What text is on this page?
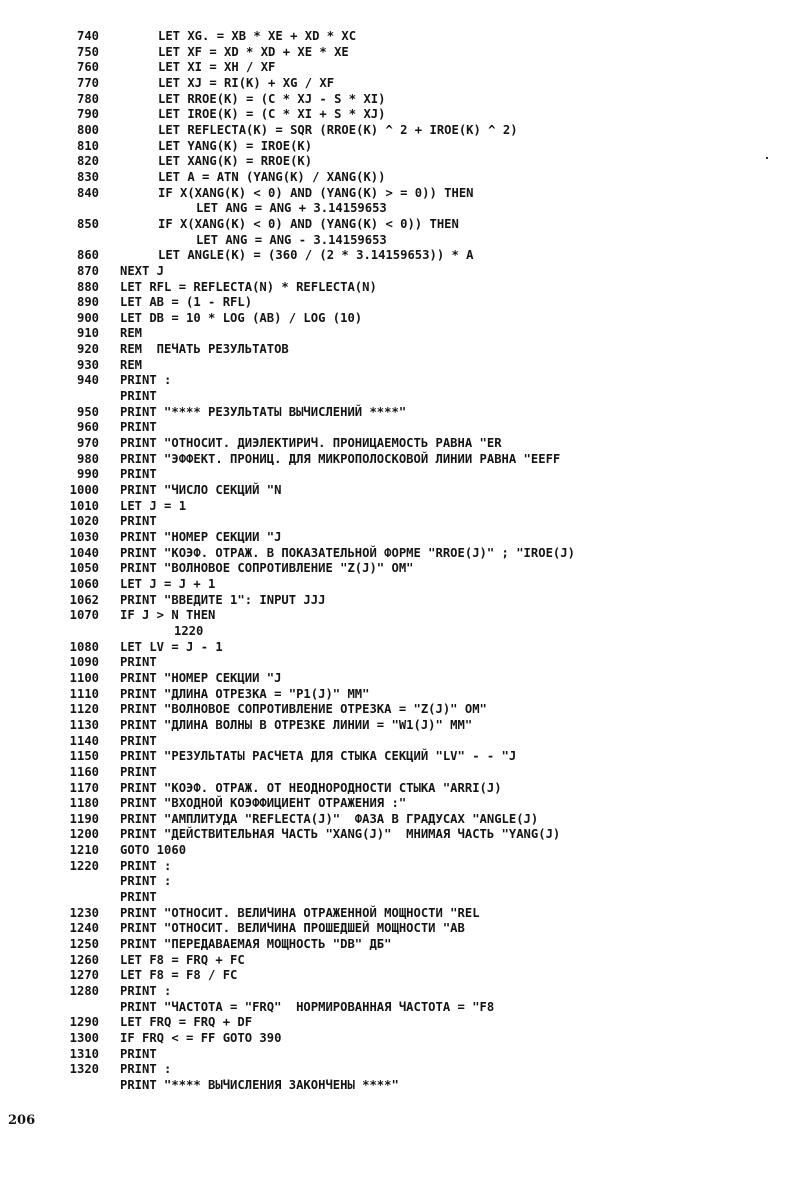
740	LET XG. = XB * XE + XD * XC
750	LET XF = XD * XD + XE * XE
760	LET XI = XH / XF
770	LET XJ = RI(K) + XG / XF
780	LET RROE(K) = (C * XJ - S * XI)
790	LET IROE(K) = (C * XI + S * XJ)
800	LET REFLECTA(K) = SQR (RROE(K) ^ 2 + IROE(K) ^ 2)
810	LET YANG(K) = IROE(K)
820	LET XANG(K) = RROE(K)
830	LET A = ATN (YANG(K) / XANG(K))
840	IF X(XANG(K) < 0) AND (YANG(K) > = 0)) THEN
LET ANG = ANG + 3.14159653
850	IF X(XANG(K) < 0) AND (YANG(K) < 0)) THEN
LET ANG = ANG - 3.14159653
860	LET ANGLE(K) = (360 / (2 * 3.14159653)) * A
870 NEXT J
880 LET RFL = REFLECTA(N) * REFLECTA(N)
890 LET AB = (1 - RFL)
900 LET DB = 10 * LOG (AB) / LOG (10)
910 REM
920 REM  ПЕЧАТЬ РЕЗУЛЬТАТОВ
930 REM
940 PRINT :
PRINT
950 PRINT "**** РЕЗУЛЬТАТЫ ВЫЧИСЛЕНИЙ ****"
960 PRINT
970 PRINT "ОТНОСИТ. ДИЭЛЕКТИРИЧ. ПРОНИЦАЕМОСТЬ РАВНА "ER
980 PRINT "ЭФФЕКТ. ПРОНИЦ. ДЛЯ МИКРОПОЛОСКОВОЙ ЛИНИИ РАВНА "EEFF
990 PRINT
1000 PRINT "ЧИСЛО СЕКЦИЙ "N
1010 LET J = 1
1020 PRINT
1030 PRINT "НОМЕР СЕКЦИИ "J
1040 PRINT "КОЭФ. ОТРАЖ. В ПОКАЗАТЕЛЬНОЙ ФОРМЕ "RROE(J)" ; "IROE(J)
1050 PRINT "ВОЛНОВОЕ СОПРОТИВЛЕНИЕ "Z(J)" ОМ"
1060 LET J = J + 1
1062 PRINT "ВВЕДИТЕ 1": INPUT JJJ
1070 IF J > N THEN
1220
1080 LET LV = J - 1
1090 PRINT
1100 PRINT "НОМЕР СЕКЦИИ "J
1110 PRINT "ДЛИНА ОТРЕЗКА = "P1(J)" ММ"
1120 PRINT "ВОЛНОВОЕ СОПРОТИВЛЕНИЕ ОТРЕЗКА = "Z(J)" ОМ"
1130 PRINT "ДЛИНА ВОЛНЫ В ОТРЕЗКЕ ЛИНИИ = "W1(J)" ММ"
1140 PRINT
1150 PRINT "РЕЗУЛЬТАТЫ РАСЧЕТА ДЛЯ СТЫКА СЕКЦИЙ "LV" - - "J
1160 PRINT
1170 PRINT "КОЭФ. ОТРАЖ. ОТ НЕОДНОРОДНОСТИ СТЫКА "ARRI(J)
1180 PRINT "ВХОДНОЙ КОЭФФИЦИЕНТ ОТРАЖЕНИЯ :"
1190 PRINT "АМПЛИТУДА "REFLECTA(J)"  ФАЗА В ГРАДУСАХ "ANGLE(J)
1200 PRINT "ДЕЙСТВИТЕЛЬНАЯ ЧАСТЬ "XANG(J)"  МНИМАЯ ЧАСТЬ "YANG(J)
1210 GOTO 1060
1220 PRINT :
PRINT :
PRINT
1230 PRINT "ОТНОСИТ. ВЕЛИЧИНА ОТРАЖЕННОЙ МОЩНОСТИ "REL
1240 PRINT "ОТНОСИТ. ВЕЛИЧИНА ПРОШЕДШЕЙ МОЩНОСТИ "AB
1250 PRINT "ПЕРЕДАВАЕМАЯ МОЩНОСТЬ "DB" ДБ"
1260 LET F8 = FRQ + FC
1270 LET F8 = F8 / FC
1280 PRINT :
PRINT "ЧАСТОТА = "FRQ"  НОРМИРОВАННАЯ ЧАСТОТА = "F8
1290 LET FRQ = FRQ + DF
1300 IF FRQ < = FF GOTO 390
1310 PRINT
1320 PRINT :
PRINT "**** ВЫЧИСЛЕНИЯ ЗАКОНЧЕНЫ ****"
206
